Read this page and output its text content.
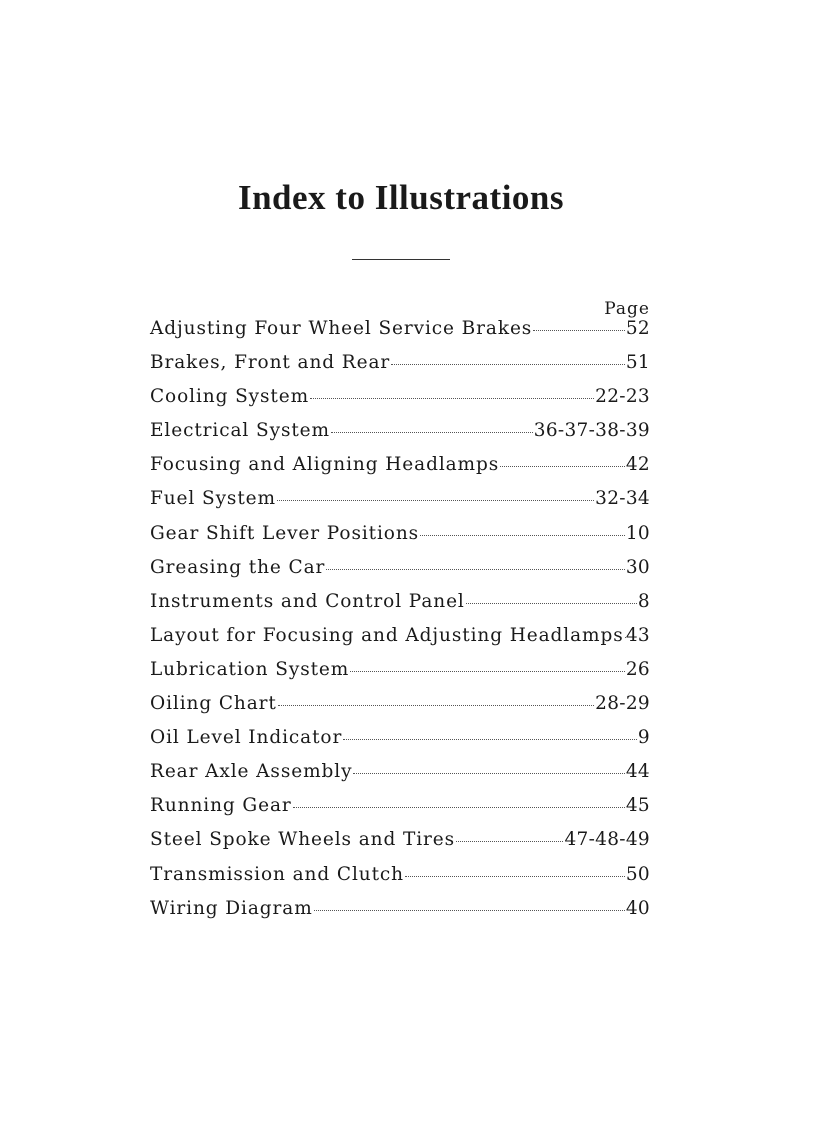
Index to Illustrations
Page
Adjusting Four Wheel Service Brakes	52
Brakes, Front and Rear	51
Cooling System	22-23
Electrical System	36-37-38-39
Focusing and Aligning Headlamps	42
Fuel System	32-34
Gear Shift Lever Positions	10
Greasing the Car	30
Instruments and Control Panel	8
Layout for Focusing and Adjusting Headlamps 43
Lubrication System	26
Oiling Chart	28-29
Oil Level Indicator	9
Rear Axle Assembly	44
Running Gear	45
Steel Spoke Wheels and Tires	47-48-49
Transmission and Clutch	50
Wiring Diagram	40
